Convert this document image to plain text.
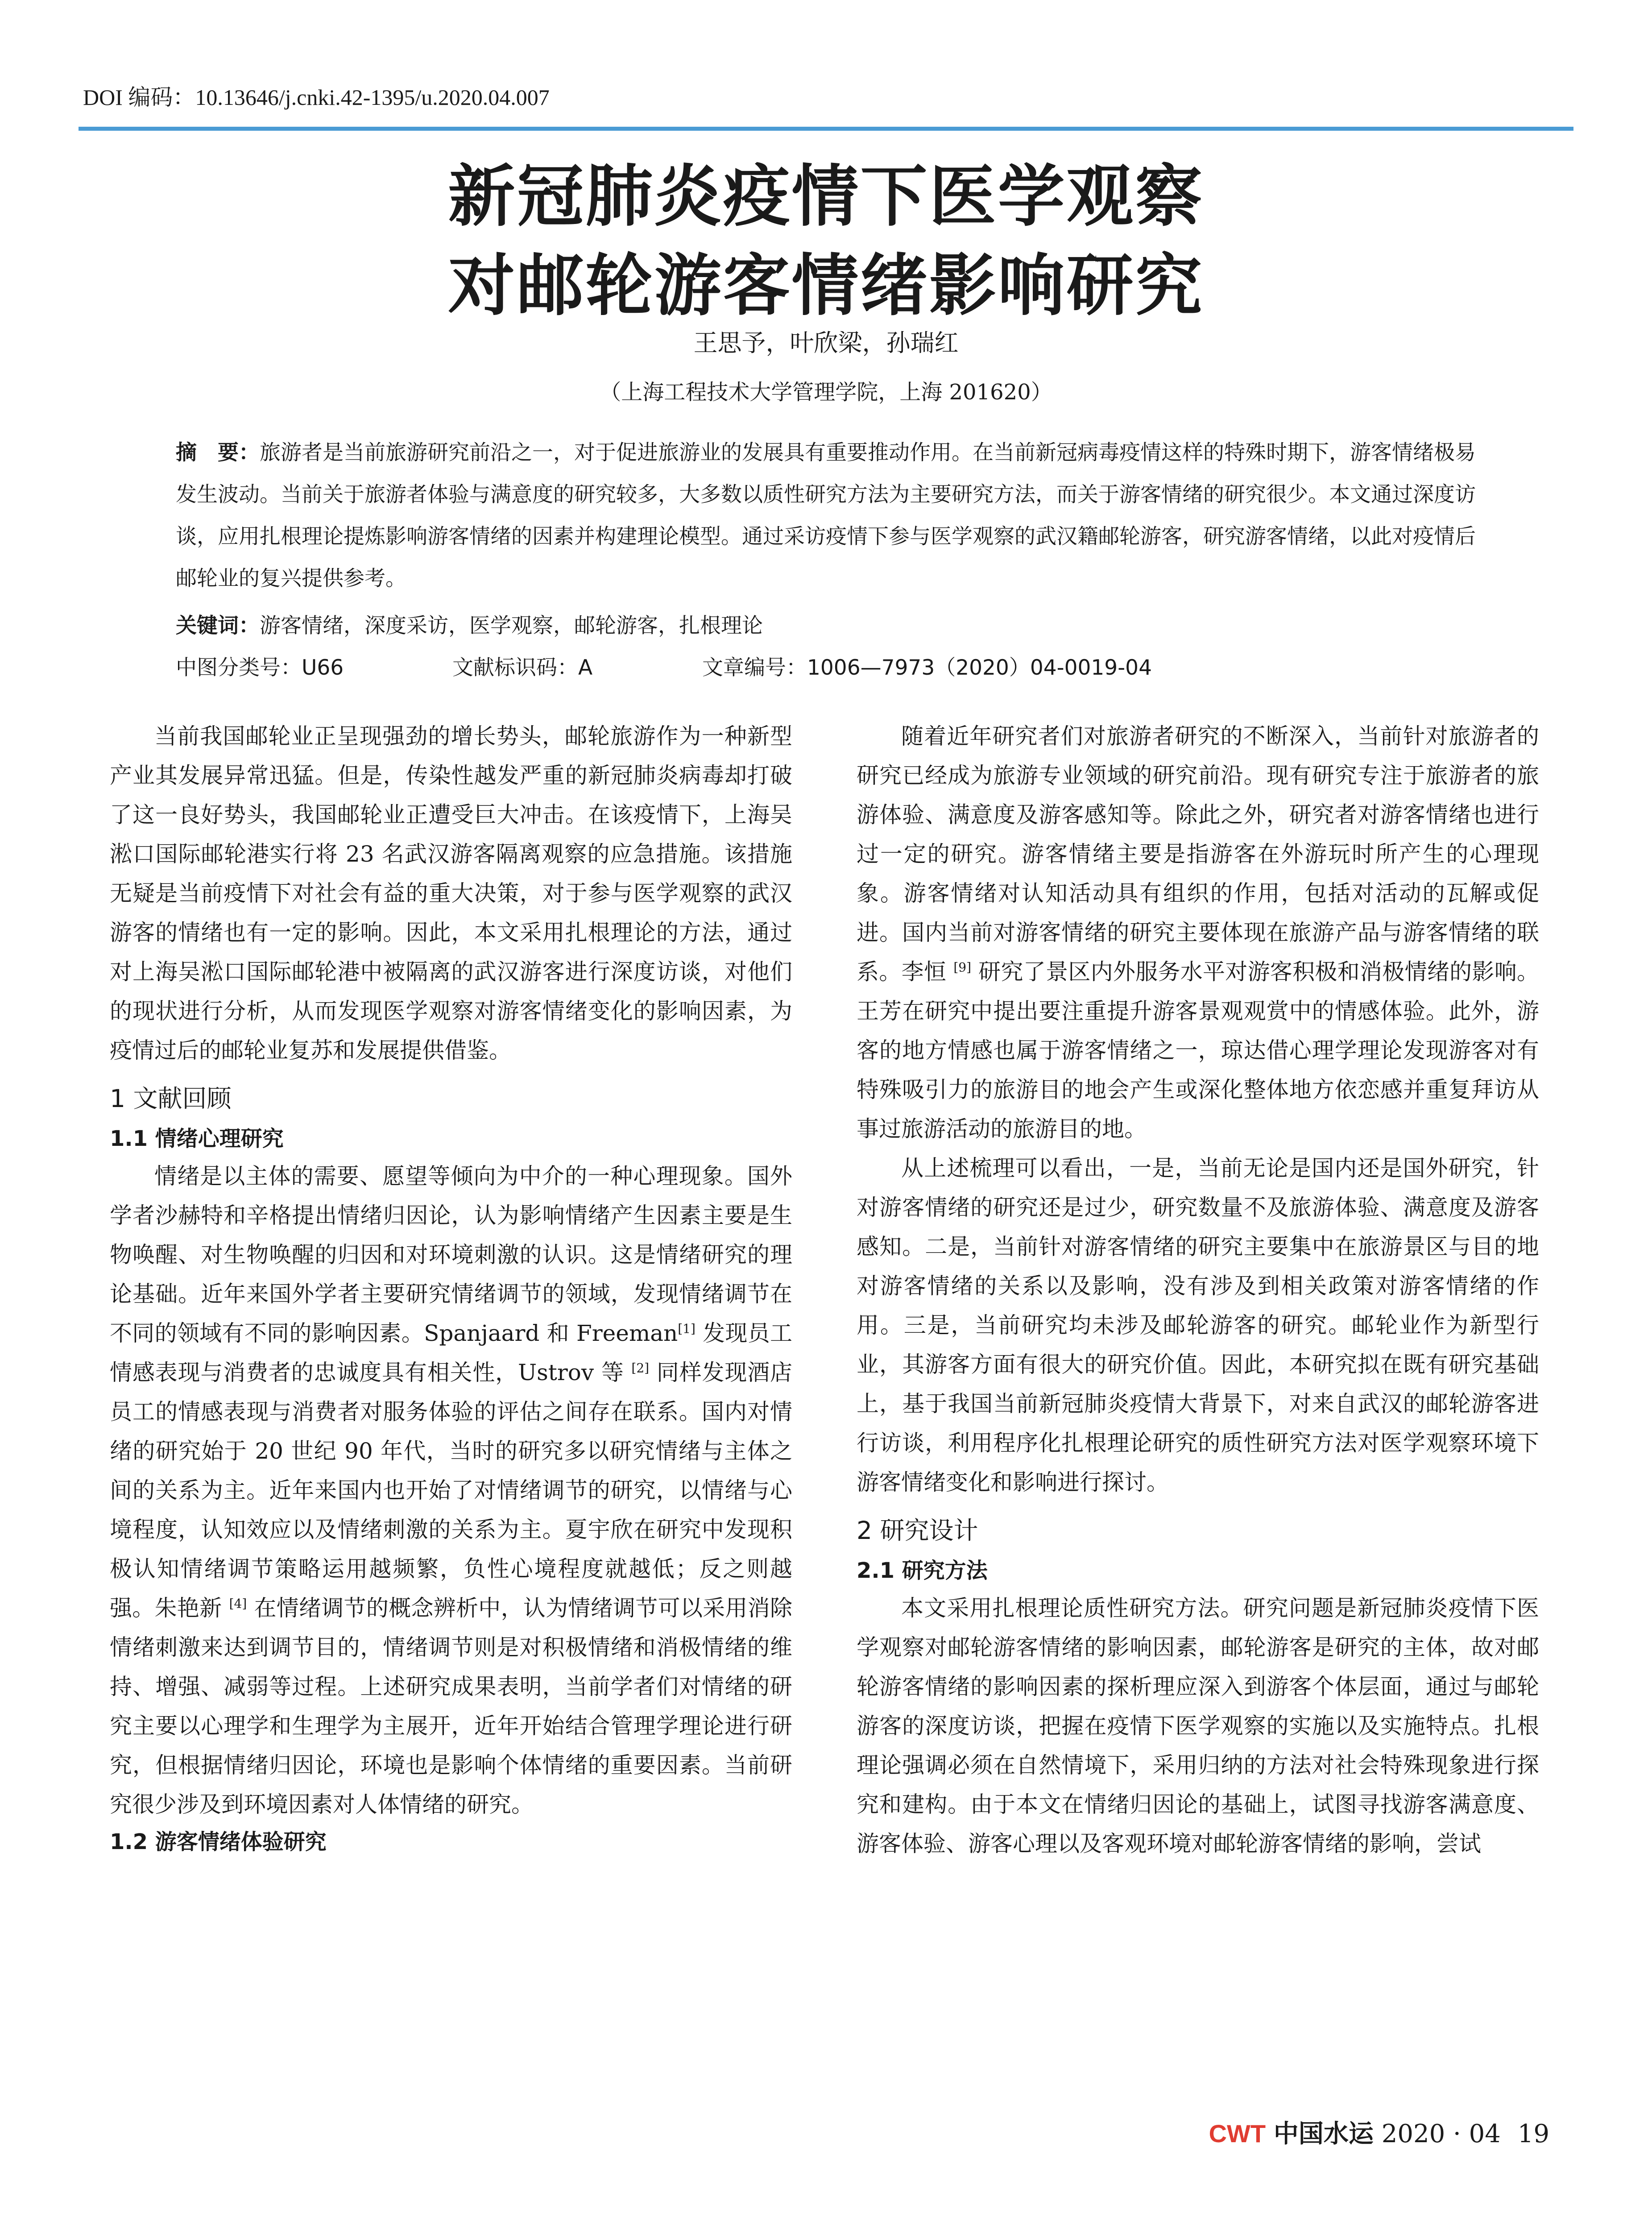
DOI 编码：10.13646/j.cnki.42-1395/u.2020.04.007
新冠肺炎疫情下医学观察
对邮轮游客情绪影响研究
王思予，叶欣梁，孙瑞红
（上海工程技术大学管理学院，上海 201620）
摘　要：旅游者是当前旅游研究前沿之一，对于促进旅游业的发展具有重要推动作用。在当前新冠病毒疫情这样的特殊时期下，游客情绪极易发生波动。当前关于旅游者体验与满意度的研究较多，大多数以质性研究方法为主要研究方法，而关于游客情绪的研究很少。本文通过深度访谈，应用扎根理论提炼影响游客情绪的因素并构建理论模型。通过采访疫情下参与医学观察的武汉籍邮轮游客，研究游客情绪，以此对疫情后邮轮业的复兴提供参考。
关键词：游客情绪，深度采访，医学观察，邮轮游客，扎根理论
中图分类号：U66	文献标识码：A	文章编号：1006—7973（2020）04-0019-04

当前我国邮轮业正呈现强劲的增长势头，邮轮旅游作为一种新型产业其发展异常迅猛。但是，传染性越发严重的新冠肺炎病毒却打破了这一良好势头，我国邮轮业正遭受巨大冲击。在该疫情下，上海吴淞口国际邮轮港实行将 23 名武汉游客隔离观察的应急措施。该措施无疑是当前疫情下对社会有益的重大决策，对于参与医学观察的武汉游客的情绪也有一定的影响。因此，本文采用扎根理论的方法，通过对上海吴淞口国际邮轮港中被隔离的武汉游客进行深度访谈，对他们的现状进行分析，从而发现医学观察对游客情绪变化的影响因素，为疫情过后的邮轮业复苏和发展提供借鉴。

1 文献回顾
1.1 情绪心理研究

情绪是以主体的需要、愿望等倾向为中介的一种心理现象。国外学者沙赫特和辛格提出情绪归因论，认为影响情绪产生因素主要是生物唤醒、对生物唤醒的归因和对环境刺激的认识。这是情绪研究的理论基础。近年来国外学者主要研究情绪调节的领域，发现情绪调节在不同的领域有不同的影响因素。Spanjaard 和 Freeman[1] 发现员工情感表现与消费者的忠诚度具有相关性，Ustrov 等 [2] 同样发现酒店员工的情感表现与消费者对服务体验的评估之间存在联系。国内对情绪的研究始于 20 世纪 90 年代，当时的研究多以研究情绪与主体之间的关系为主。近年来国内也开始了对情绪调节的研究，以情绪与心境程度，认知效应以及情绪刺激的关系为主。夏宇欣在研究中发现积极认知情绪调节策略运用越频繁，负性心境程度就越低；反之则越强。朱艳新 [4] 在情绪调节的概念辨析中，认为情绪调节可以采用消除情绪刺激来达到调节目的，情绪调节则是对积极情绪和消极情绪的维持、增强、减弱等过程。上述研究成果表明，当前学者们对情绪的研究主要以心理学和生理学为主展开，近年开始结合管理学理论进行研究，但根据情绪归因论，环境也是影响个体情绪的重要因素。当前研究很少涉及到环境因素对人体情绪的研究。

1.2 游客情绪体验研究

随着近年研究者们对旅游者研究的不断深入，当前针对旅游者的研究已经成为旅游专业领域的研究前沿。现有研究专注于旅游者的旅游体验、满意度及游客感知等。除此之外，研究者对游客情绪也进行过一定的研究。游客情绪主要是指游客在外游玩时所产生的心理现象。游客情绪对认知活动具有组织的作用，包括对活动的瓦解或促进。国内当前对游客情绪的研究主要体现在旅游产品与游客情绪的联系。李恒 [9] 研究了景区内外服务水平对游客积极和消极情绪的影响。王芳在研究中提出要注重提升游客景观观赏中的情感体验。此外，游客的地方情感也属于游客情绪之一，琼达借心理学理论发现游客对有特殊吸引力的旅游目的地会产生或深化整体地方依恋感并重复拜访从事过旅游活动的旅游目的地。

从上述梳理可以看出，一是，当前无论是国内还是国外研究，针对游客情绪的研究还是过少，研究数量不及旅游体验、满意度及游客感知。二是，当前针对游客情绪的研究主要集中在旅游景区与目的地对游客情绪的关系以及影响，没有涉及到相关政策对游客情绪的作用。三是，当前研究均未涉及邮轮游客的研究。邮轮业作为新型行业，其游客方面有很大的研究价值。因此，本研究拟在既有研究基础上，基于我国当前新冠肺炎疫情大背景下，对来自武汉的邮轮游客进行访谈，利用程序化扎根理论研究的质性研究方法对医学观察环境下游客情绪变化和影响进行探讨。

2 研究设计
2.1 研究方法

本文采用扎根理论质性研究方法。研究问题是新冠肺炎疫情下医学观察对邮轮游客情绪的影响因素，邮轮游客是研究的主体，故对邮轮游客情绪的影响因素的探析理应深入到游客个体层面，通过与邮轮游客的深度访谈，把握在疫情下医学观察的实施以及实施特点。扎根理论强调必须在自然情境下，采用归纳的方法对社会特殊现象进行探究和建构。由于本文在情绪归因论的基础上，试图寻找游客满意度、游客体验、游客心理以及客观环境对邮轮游客情绪的影响，尝试

CWT 中国水运 2020 · 04 19
